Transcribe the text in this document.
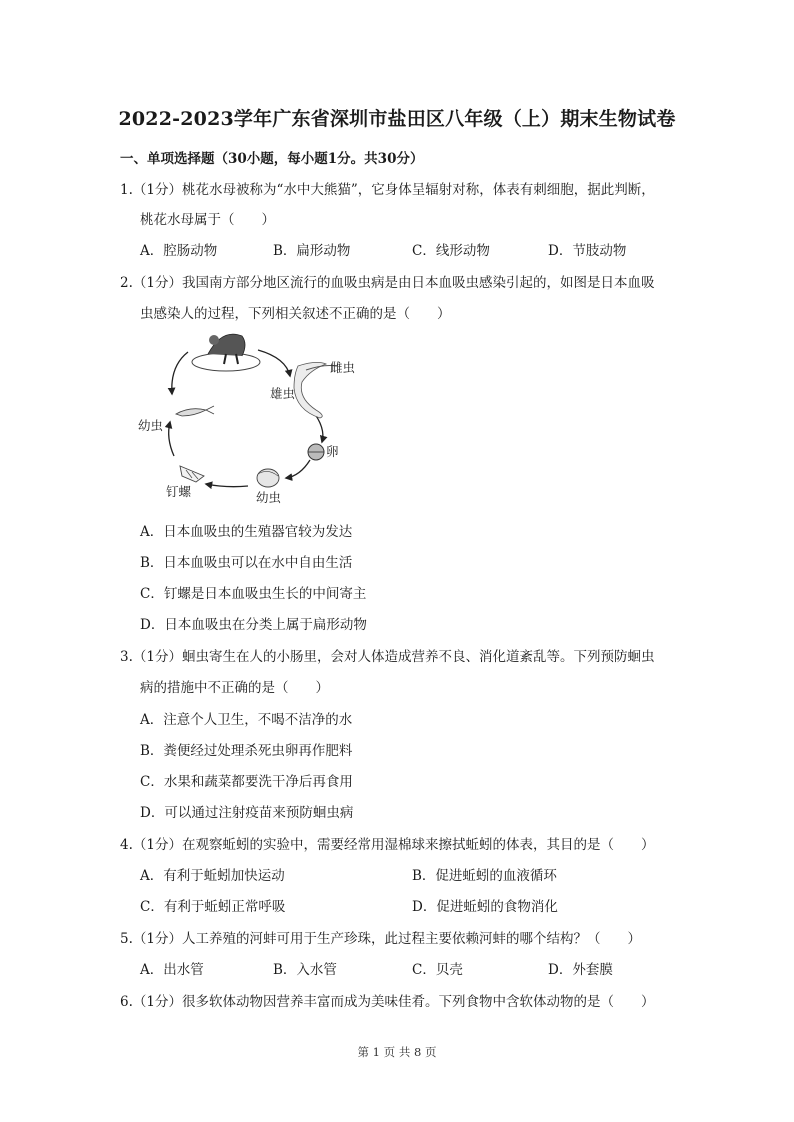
2022-2023学年广东省深圳市盐田区八年级（上）期末生物试卷
一、单项选择题（30小题，每小题1分。共30分）
1.（1分）桃花水母被称为“水中大熊猫”，它身体呈辐射对称，体表有刺细胞，据此判断，
桃花水母属于（　　）
A．腔肠动物	B．扁形动物	C．线形动物	D．节肢动物
2.（1分）我国南方部分地区流行的血吸虫病是由日本血吸虫感染引起的，如图是日本血吸
虫感染人的过程，下列相关叙述不正确的是（　　）
雌虫
雄虫
卵
幼虫
钉螺
幼虫
A．日本血吸虫的生殖器官较为发达
B．日本血吸虫可以在水中自由生活
C．钉螺是日本血吸虫生长的中间寄主
D．日本血吸虫在分类上属于扁形动物
3.（1分）蛔虫寄生在人的小肠里，会对人体造成营养不良、消化道紊乱等。下列预防蛔虫
病的措施中不正确的是（　　）
A．注意个人卫生，不喝不洁净的水
B．粪便经过处理杀死虫卵再作肥料
C．水果和蔬菜都要洗干净后再食用
D．可以通过注射疫苗来预防蛔虫病
4.（1分）在观察蚯蚓的实验中，需要经常用湿棉球来擦拭蚯蚓的体表，其目的是（　　）
A．有利于蚯蚓加快运动	B．促进蚯蚓的血液循环
C．有利于蚯蚓正常呼吸	D．促进蚯蚓的食物消化
5.（1分）人工养殖的河蚌可用于生产珍珠，此过程主要依赖河蚌的哪个结构？（　　）
A．出水管	B．入水管	C．贝壳	D．外套膜
6.（1分）很多软体动物因营养丰富而成为美味佳肴。下列食物中含软体动物的是（　　）
第 1 页 共 8 页
